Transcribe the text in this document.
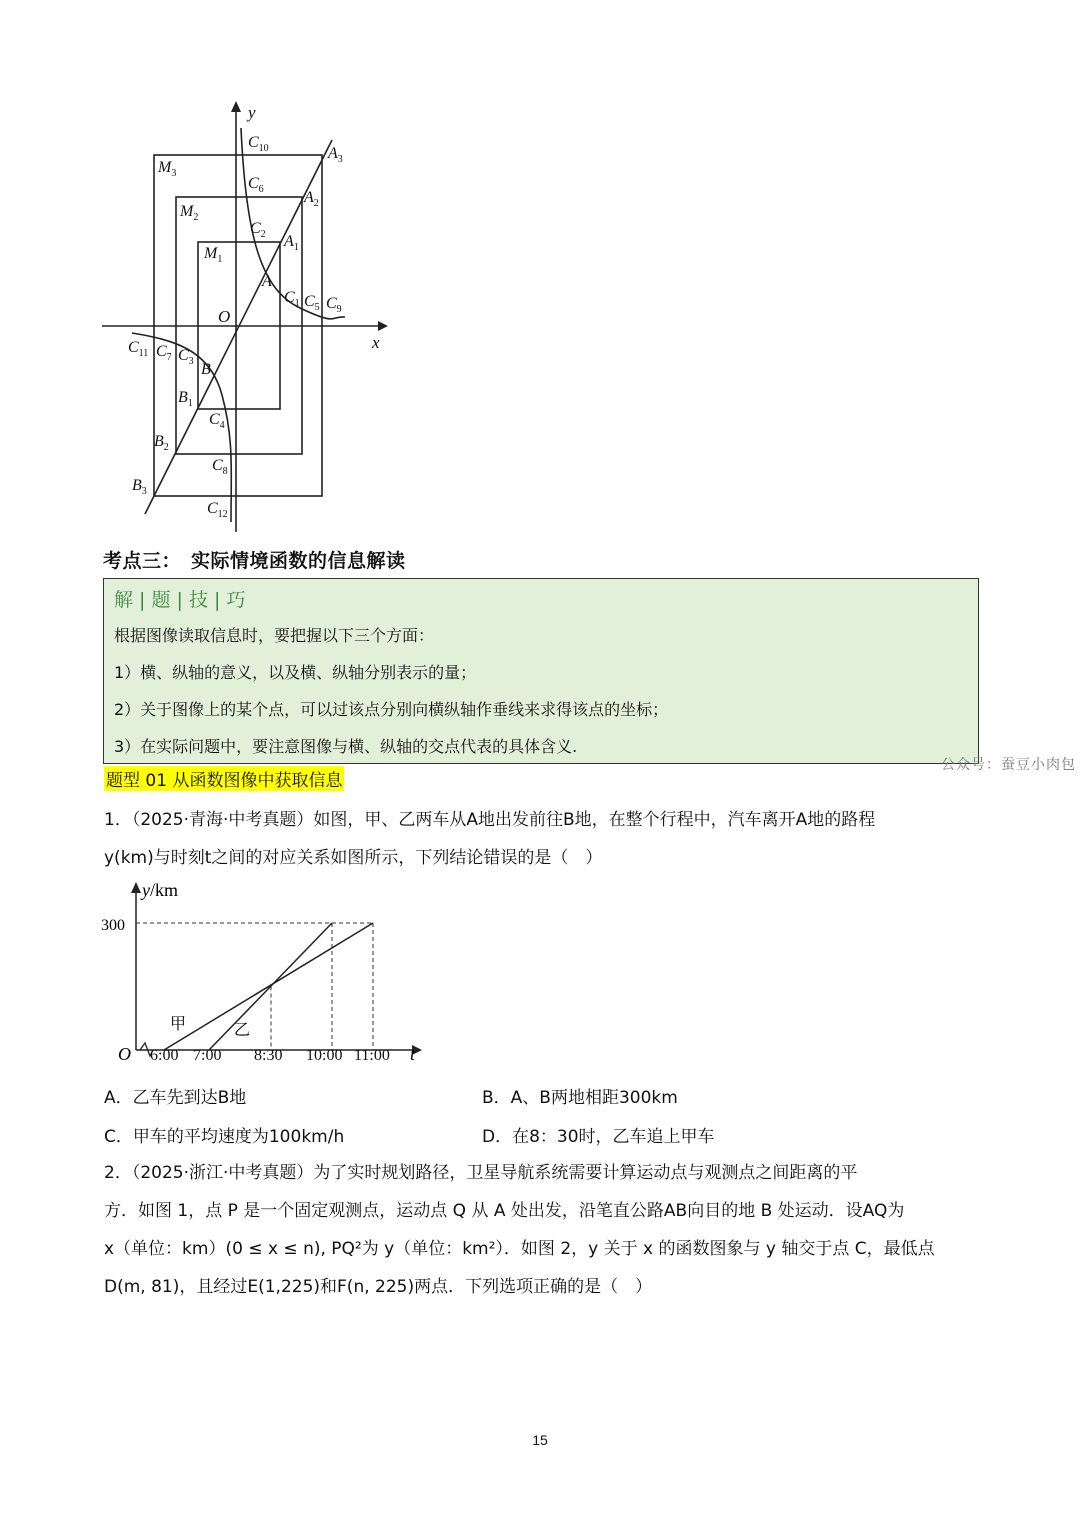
y
x
O
$C_{10}$	$A_3$
$M_3$
$C_6$	$A_2$
$M_2$
$C_2$ $A_1$
$M_1$
A
$C_1$ $C_5$ $C_9$
$C_{11}$ $C_7$ $C_3$ B
$B_1$
$C_4$
$B_2$
$C_8$
$B_3$
$C_{12}$
考点三：　实际情境函数的信息解读
解 | 题 | 技 | 巧
根据图像读取信息时，要把握以下三个方面：
1）横、纵轴的意义，以及横、纵轴分别表示的量；
2）关于图像上的某个点，可以过该点分别向横纵轴作垂线来求得该点的坐标；
3）在实际问题中，要注意图像与横、纵轴的交点代表的具体含义.
公众号：蚕豆小肉包
题型 01 从函数图像中获取信息
1．（2025·青海·中考真题）如图，甲、乙两车从A地出发前往B地，在整个行程中，汽车离开A地的路程
y(km)与时刻t之间的对应关系如图所示，下列结论错误的是（　）
6:00 7:00 8:30 10:00 11:00
300
y/km
t
O
甲	乙
A．乙车先到达B地	B．A、B两地相距300km
C．甲车的平均速度为100km/h	D．在8：30时，乙车追上甲车
2．（2025·浙江·中考真题）为了实时规划路径，卫星导航系统需要计算运动点与观测点之间距离的平
方．如图 1，点 P 是一个固定观测点，运动点 Q 从 A 处出发，沿笔直公路AB向目的地 B 处运动．设AQ为
x（单位：km）(0 ≤ x ≤ n), PQ²为 y（单位：km²）．如图 2，y 关于 x 的函数图象与 y 轴交于点 C，最低点
D(m, 81)，且经过E(1,225)和F(n, 225)两点．下列选项正确的是（　）
15
